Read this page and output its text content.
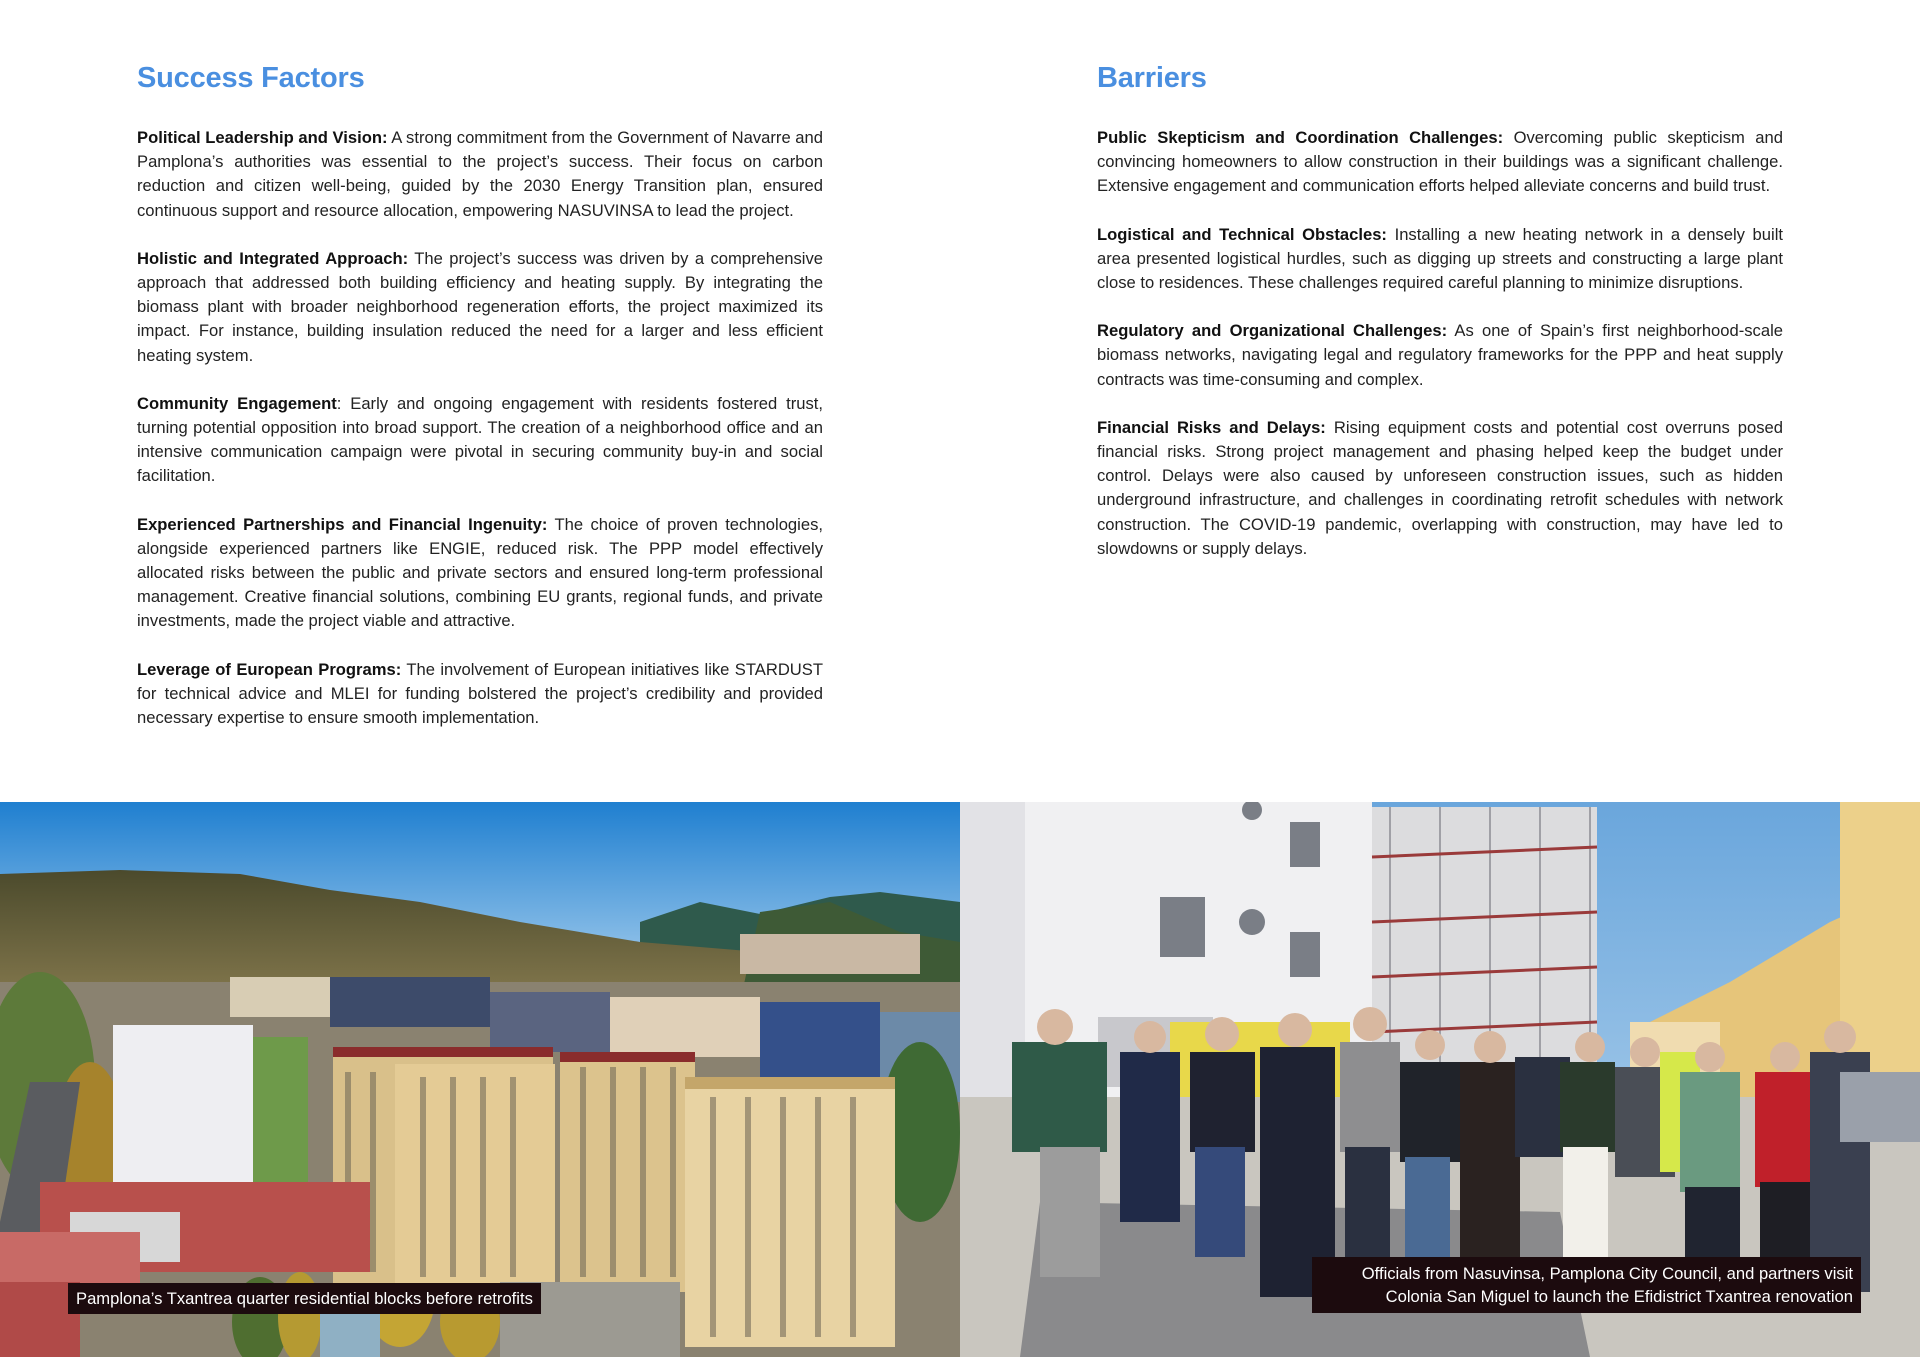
Success Factors

Political Leadership and Vision: A strong commitment from the Government of Navarre and Pamplona’s authorities was essential to the project’s success. Their focus on carbon reduction and citizen well-being, guided by the 2030 Energy Transition plan, ensured continuous support and resource allocation, empowering NASUVINSA to lead the project.

Holistic and Integrated Approach: The project’s success was driven by a comprehensive approach that addressed both building efficiency and heating supply. By integrating the biomass plant with broader neighborhood regeneration efforts, the project maximized its impact. For instance, building insulation reduced the need for a larger and less efficient heating system.

Community Engagement: Early and ongoing engagement with residents fostered trust, turning potential opposition into broad support. The creation of a neighborhood office and an intensive communication campaign were pivotal in securing community buy-in and social facilitation.

Experienced Partnerships and Financial Ingenuity: The choice of proven technologies, alongside experienced partners like ENGIE, reduced risk. The PPP model effectively allocated risks between the public and private sectors and ensured long-term professional management. Creative financial solutions, combining EU grants, regional funds, and private investments, made the project viable and attractive.

Leverage of European Programs: The involvement of European initiatives like STARDUST for technical advice and MLEI for funding bolstered the project’s credibility and provided necessary expertise to ensure smooth implementation.

Barriers

Public Skepticism and Coordination Challenges: Overcoming public skepticism and convincing homeowners to allow construction in their buildings was a significant challenge. Extensive engagement and communication efforts helped alleviate concerns and build trust.

Logistical and Technical Obstacles: Installing a new heating network in a densely built area presented logistical hurdles, such as digging up streets and constructing a large plant close to residences. These challenges required careful planning to minimize disruptions.

Regulatory and Organizational Challenges: As one of Spain’s first neighborhood-scale biomass networks, navigating legal and regulatory frameworks for the PPP and heat supply contracts was time-consuming and complex.

Financial Risks and Delays: Rising equipment costs and potential cost overruns posed financial risks. Strong project management and phasing helped keep the budget under control. Delays were also caused by unforeseen construction issues, such as hidden underground infrastructure, and challenges in coordinating retrofit schedules with network construction. The COVID-19 pandemic, overlapping with construction, may have led to slowdowns or supply delays.

Pamplona’s Txantrea quarter residential blocks before retrofits
Officials from Nasuvinsa, Pamplona City Council, and partners visit
Colonia San Miguel to launch the Efidistrict Txantrea renovation
